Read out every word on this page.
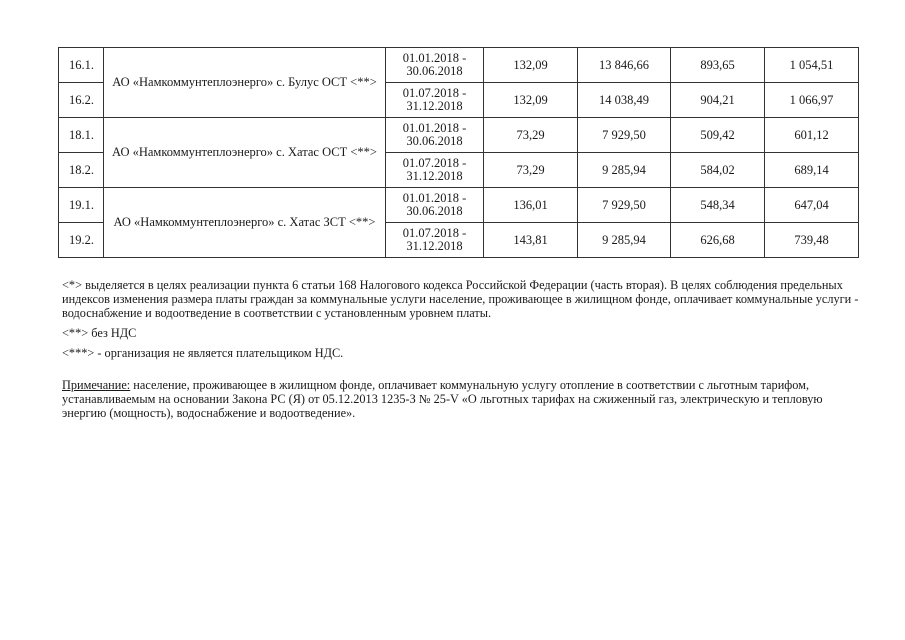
16.1.	АО «Намкоммунтеплоэнерго» с. Булус ОСТ <**>	01.01.2018 - 30.06.2018	132,09	13 846,66	893,65	1 054,51
16.2.		01.07.2018 - 31.12.2018	132,09	14 038,49	904,21	1 066,97
18.1.	АО «Намкоммунтеплоэнерго» с. Хатас ОСТ <**>	01.01.2018 - 30.06.2018	73,29	7 929,50	509,42	601,12
18.2.		01.07.2018 - 31.12.2018	73,29	9 285,94	584,02	689,14
19.1.	АО «Намкоммунтеплоэнерго» с. Хатас ЗСТ <**>	01.01.2018 - 30.06.2018	136,01	7 929,50	548,34	647,04
19.2.		01.07.2018 - 31.12.2018	143,81	9 285,94	626,68	739,48

<*> выделяется в целях реализации пункта 6 статьи 168 Налогового кодекса Российской Федерации (часть вторая). В целях соблюдения предельных индексов изменения размера платы граждан за коммунальные услуги население, проживающее в жилищном фонде, оплачивает коммунальные услуги - водоснабжение и водоотведение в соответствии с установленным уровнем платы.

<**> без НДС

<***> - организация не является плательщиком НДС.

Примечание: население, проживающее в жилищном фонде, оплачивает коммунальную услугу отопление в соответствии с льготным тарифом, устанавливаемым на основании Закона РС (Я) от 05.12.2013 1235-З № 25-V «О льготных тарифах на сжиженный газ, электрическую и тепловую энергию (мощность), водоснабжение и водоотведение».
